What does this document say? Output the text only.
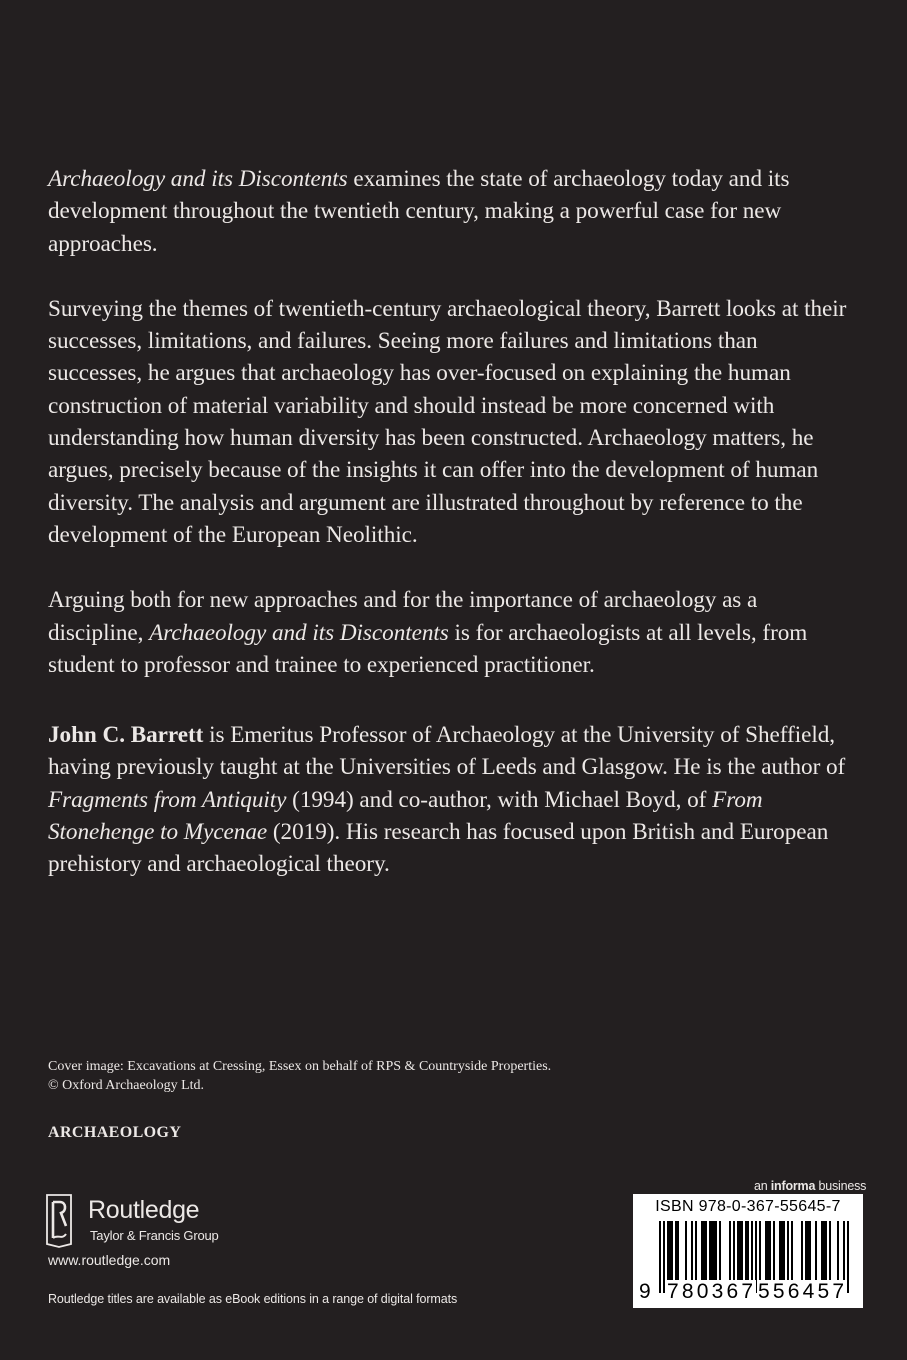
Archaeology and its Discontents examines the state of archaeology today and its development throughout the twentieth century, making a powerful case for new approaches.

Surveying the themes of twentieth-century archaeological theory, Barrett looks at their successes, limitations, and failures. Seeing more failures and limitations than successes, he argues that archaeology has over-focused on explaining the human construction of material variability and should instead be more concerned with understanding how human diversity has been constructed. Archaeology matters, he argues, precisely because of the insights it can offer into the development of human diversity. The analysis and argument are illustrated throughout by reference to the development of the European Neolithic.

Arguing both for new approaches and for the importance of archaeology as a discipline, Archaeology and its Discontents is for archaeologists at all levels, from student to professor and trainee to experienced practitioner.

John C. Barrett is Emeritus Professor of Archaeology at the University of Sheffield, having previously taught at the Universities of Leeds and Glasgow. He is the author of Fragments from Antiquity (1994) and co-author, with Michael Boyd, of From Stonehenge to Mycenae (2019). His research has focused upon British and European prehistory and archaeological theory.

Cover image: Excavations at Cressing, Essex on behalf of RPS & Countryside Properties.
© Oxford Archaeology Ltd.
ARCHAEOLOGY
Routledge
Taylor & Francis Group
www.routledge.com
Routledge titles are available as eBook editions in a range of digital formats
an informa business
ISBN 978-0-367-55645-7
9 780367 556457
